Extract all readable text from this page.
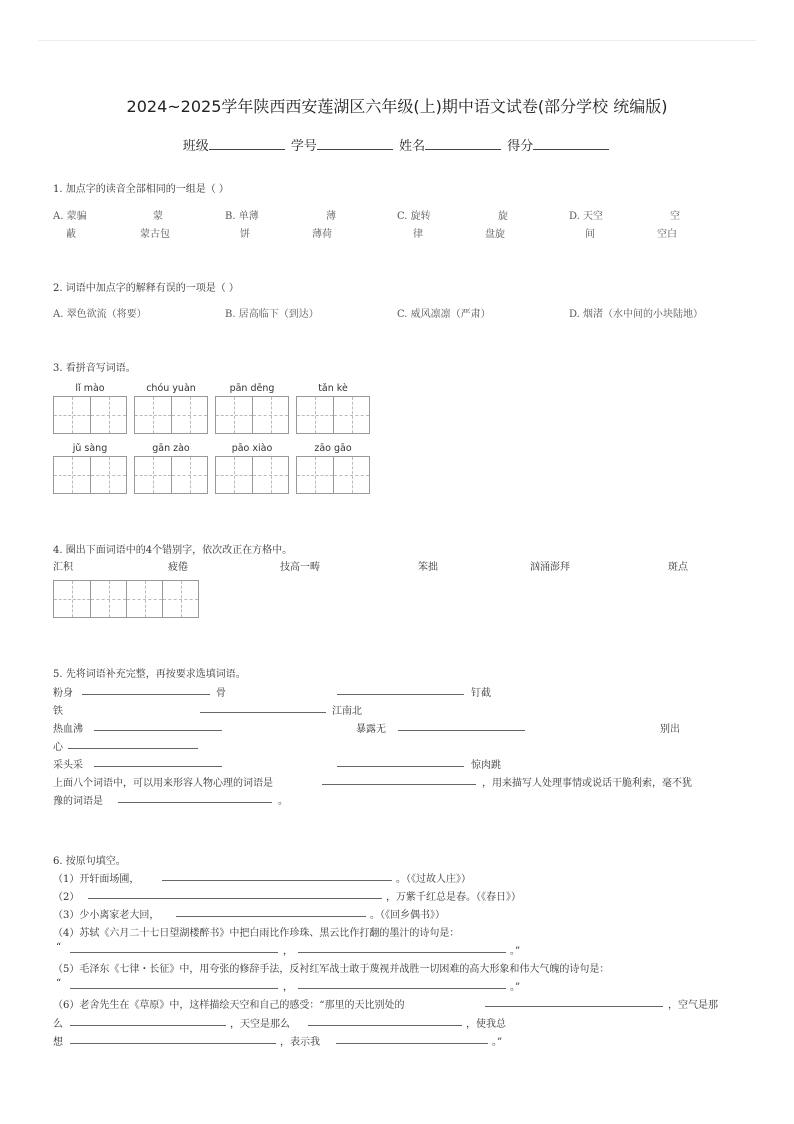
2024~2025学年陕西西安莲湖区六年级(上)期中语文试卷(部分学校 统编版)
班级	学号	姓名	得分
1. 加点字的读音全部相同的一组是（ ）
A. 蒙骗	蒙
蔽	蒙古包
B. 单薄	薄
饼	薄荷
C. 旋转	旋
律	盘旋
D. 天空	空
间	空白
2. 词语中加点字的解释有误的一项是（ ）
A. 翠色欲流（将要）	B. 居高临下（到达）	C. 威风凛凛（严肃）	D. 烟渚（水中间的小块陆地）
3. 看拼音写词语。
lǐ mào	chóu yuàn	pān dēng	tǎn kè
jǔ sàng	gān zào	pāo xiào	zāo gāo
4. 圈出下面词语中的4个错别字，依次改正在方格中。
汇积	疲倦	技高一畴	笨拙	汹涌澎拜	斑点
5. 先将词语补充完整，再按要求选填词语。
粉身	骨	钉截
铁	江南北
热血沸	暴露无	别出
心
采头采	惊肉跳
上面八个词语中，可以用来形容人物心理的词语是	，用来描写人处理事情或说话干脆利索，毫不犹
豫的词语是	。
6. 按原句填空。
（1）开轩面场圃，	。（《过故人庄》）
（2）	，万紫千红总是春。（《春日》）
（3）少小离家老大回，	。（《回乡偶书》）
（4）苏轼《六月二十七日望湖楼醉书》中把白雨比作珍珠、黑云比作打翻的墨汁的诗句是：
“	，	。”
（5）毛泽东《七律・长征》中，用夸张的修辞手法，反衬红军战士敢于蔑视并战胜一切困难的高大形象和伟大气魄的诗句是：
“	，	。”
（6）老舍先生在《草原》中，这样描绘天空和自己的感受：“那里的天比别处的	，空气是那
么	，天空是那么	，使我总
想	，表示我	。”
